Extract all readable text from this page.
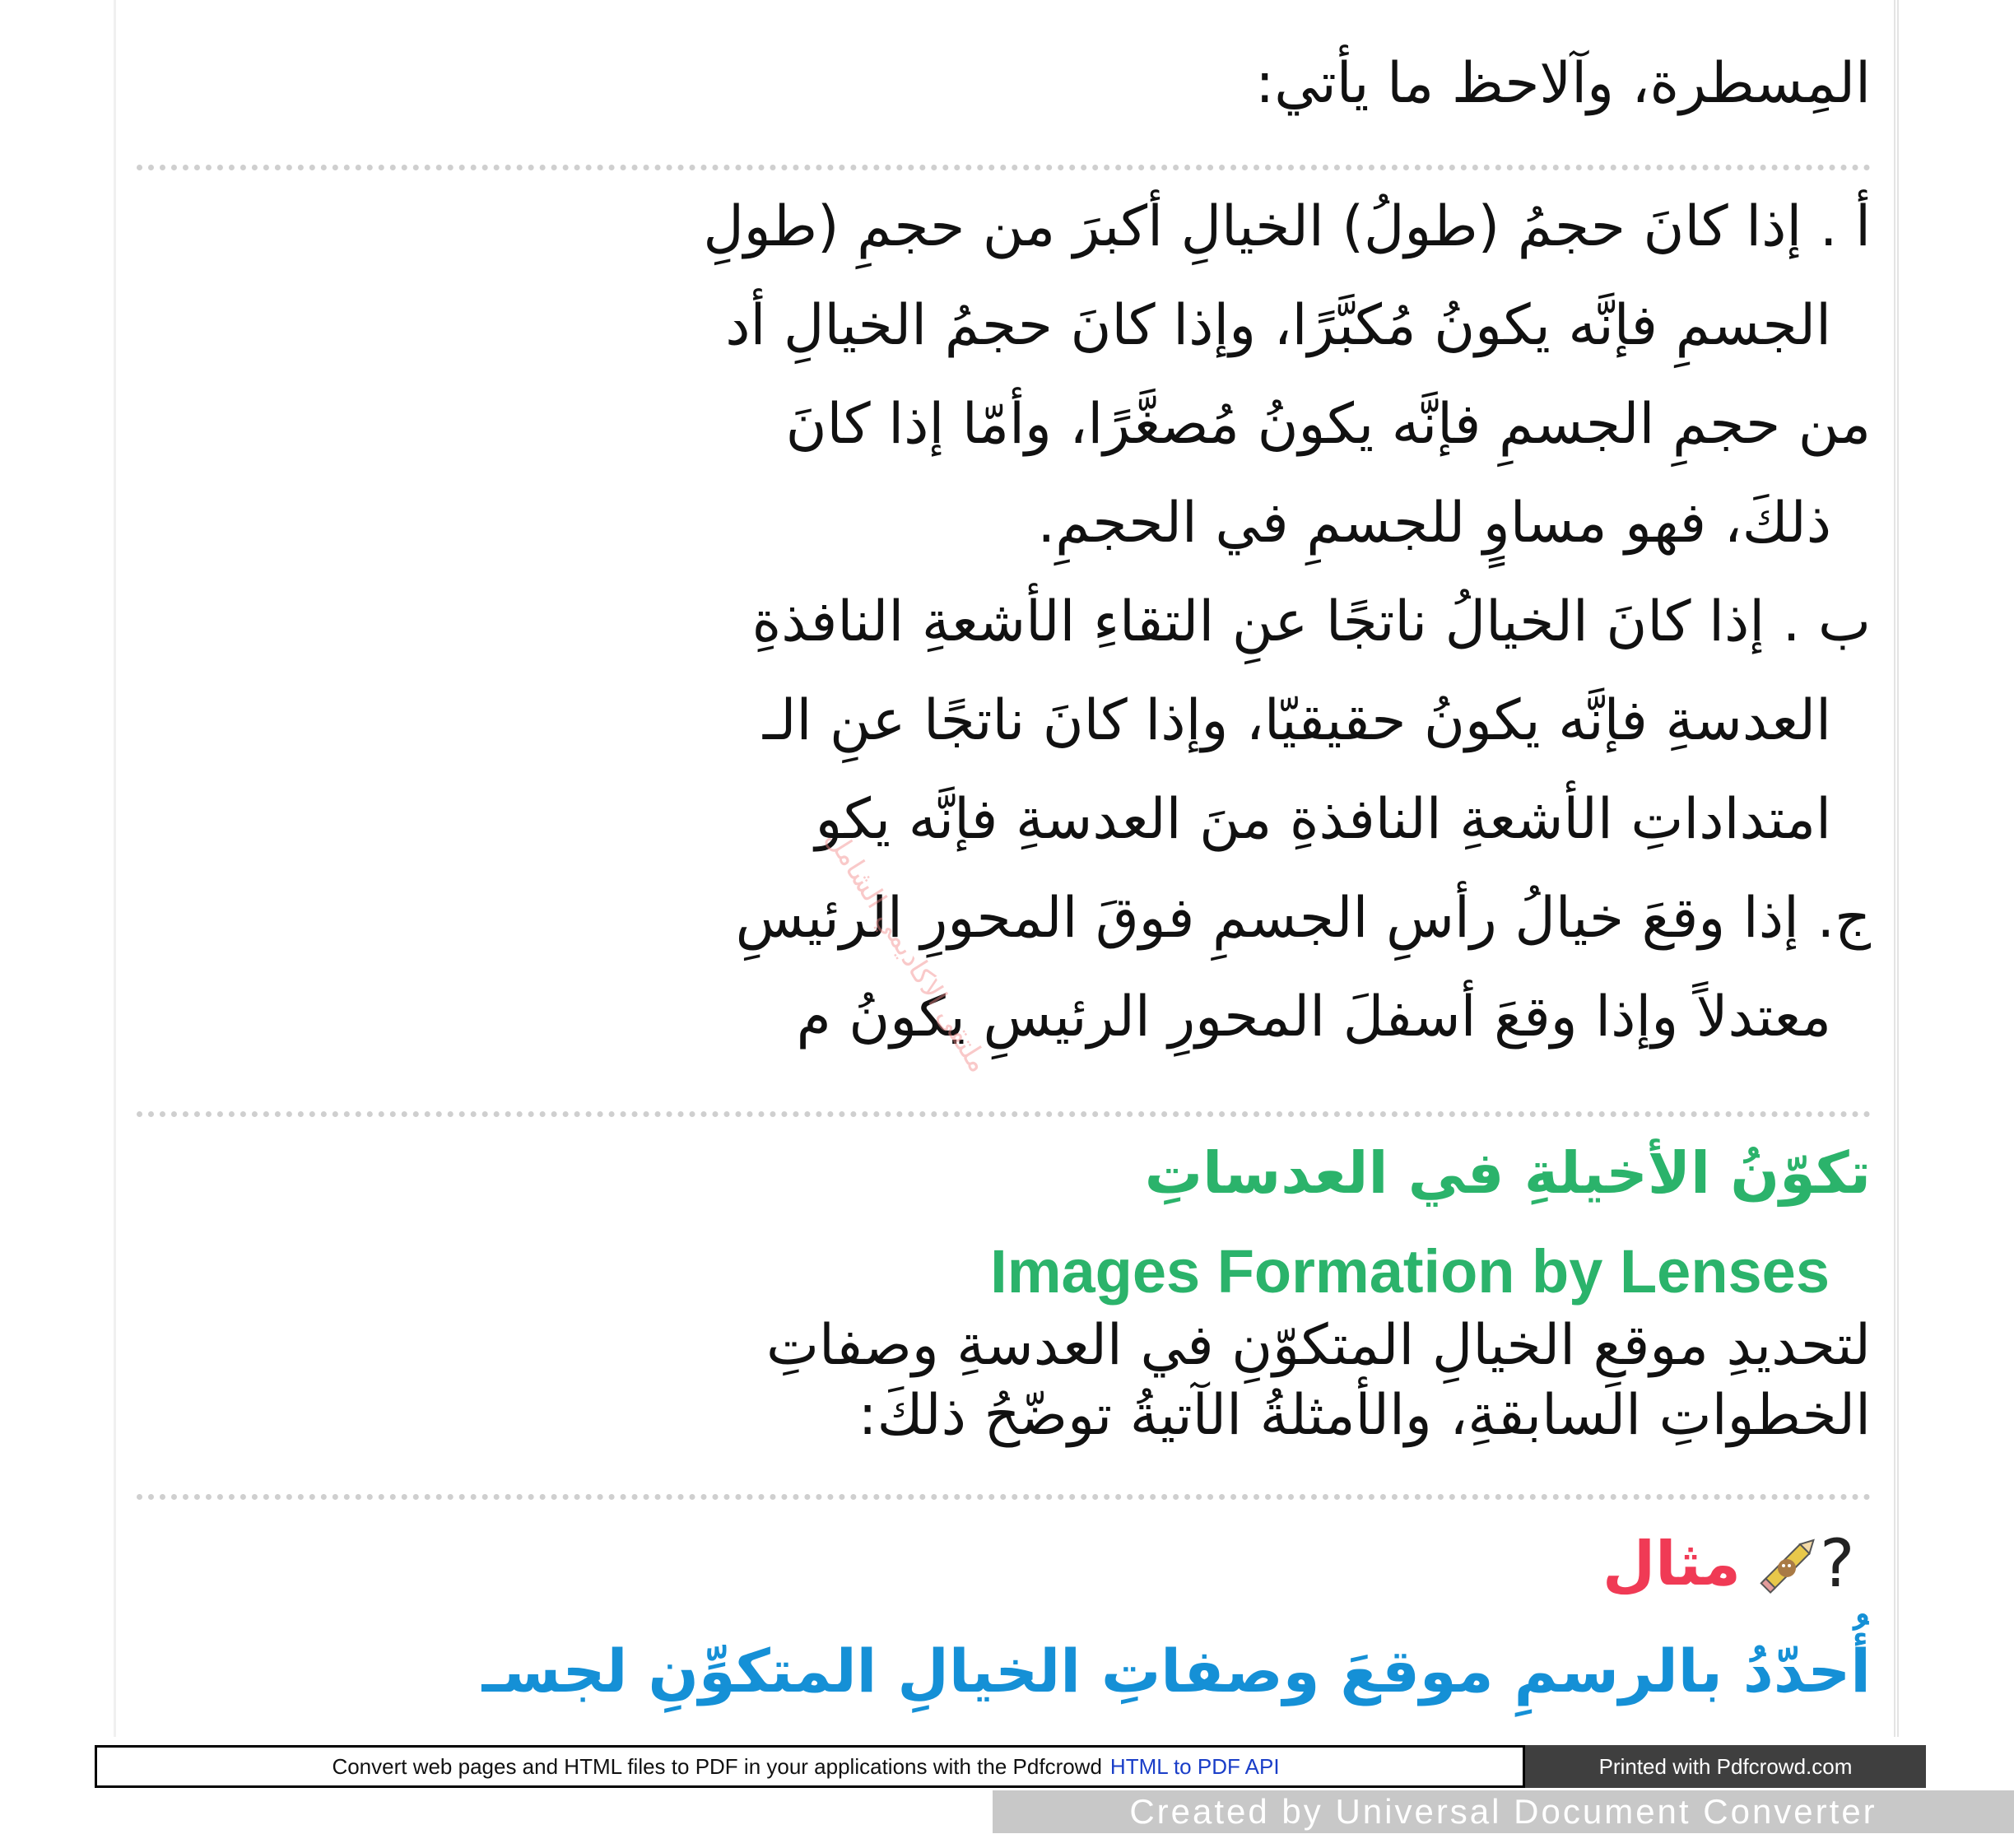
المِسطرة، وآلاحظ ما يأتي:
أ . إذا كانَ حجمُ (طولُ) الخيالِ أكبرَ من حجمِ (طولِ
الجسمِ فإنَّه يكونُ مُكبَّرًا، وإذا كانَ حجمُ الخيالِ أد
من حجمِ الجسمِ فإنَّه يكونُ مُصغَّرًا، وأمّا إذا كانَ
ذلكَ، فهو مساوٍ للجسمِ في الحجمِ.
ب . إذا كانَ الخيالُ ناتجًا عنِ التقاءِ الأشعةِ النافذةِ
العدسةِ فإنَّه يكونُ حقيقيّا، وإذا كانَ ناتجًا عنِ الـ
امتداداتِ الأشعةِ النافذةِ منَ العدسةِ فإنَّه يكو
ج. إذا وقعَ خيالُ رأسِ الجسمِ فوقَ المحورِ الرئيسِ
معتدلاً وإذا وقعَ أسفلَ المحورِ الرئيسِ يكونُ م
تكوّنُ الأخيلةِ في العدساتِ
Images Formation by Lenses
لتحديدِ موقعِ الخيالِ المتكوّنِ في العدسةِ وصفاتِ
الخطواتِ السابقةِ، والأمثلةُ الآتيةُ توضّحُ ذلكَ:
?
مثال
أُحدّدُ بالرسمِ موقعَ وصفاتِ الخيالِ المتكوِّنِ لجسـ
ملتقى الاكاديمي الشامل
Convert web pages and HTML files to PDF in your applications with the Pdfcrowd HTML to PDF API	Printed with Pdfcrowd.com
Created by Universal Document Converter
